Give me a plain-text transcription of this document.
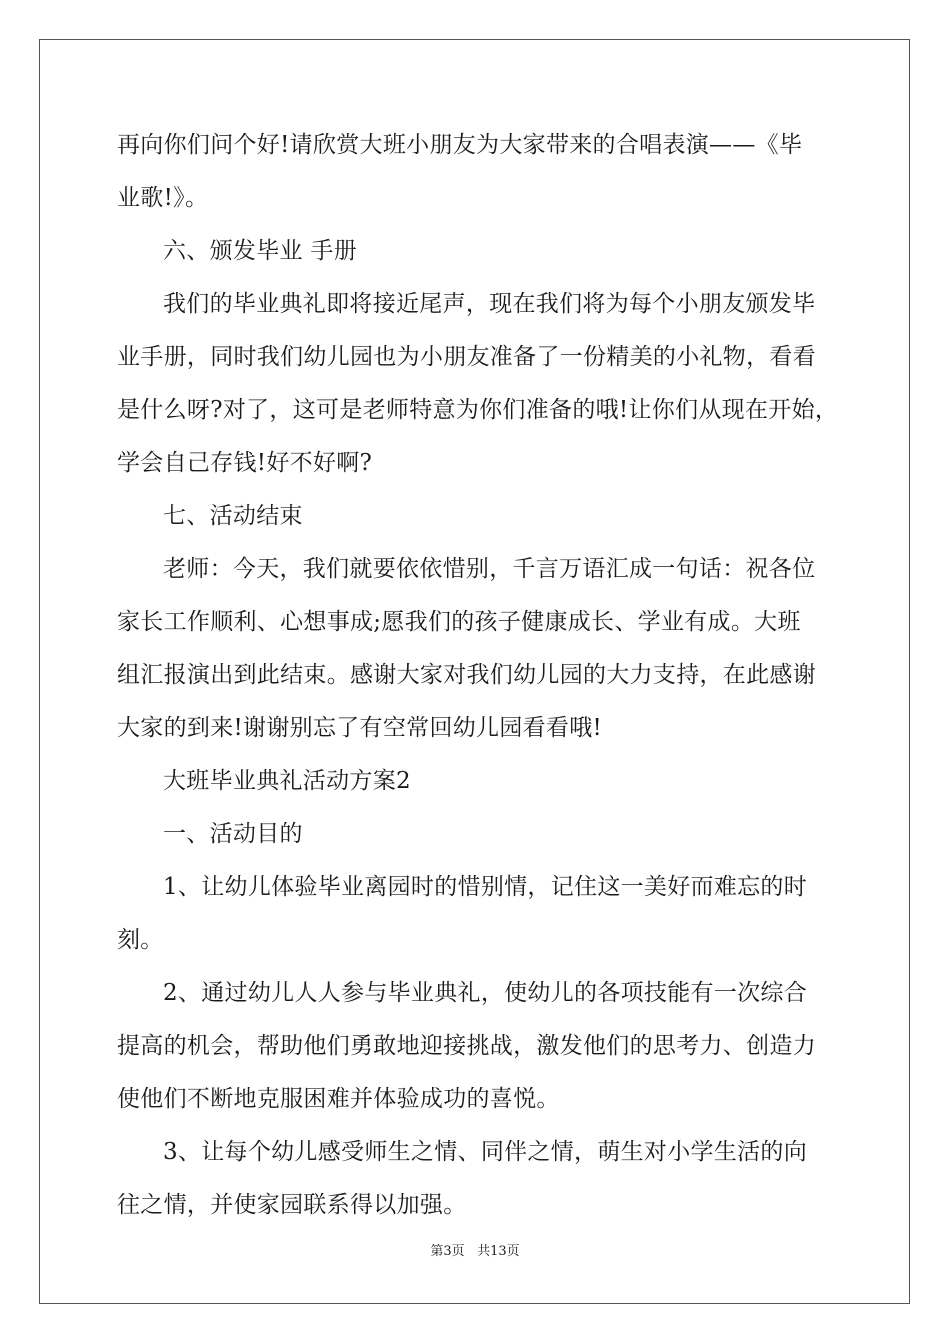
再向你们问个好!请欣赏大班小朋友为大家带来的合唱表演——《毕
业歌!》。
六、颁发毕业 手册
我们的毕业典礼即将接近尾声，现在我们将为每个小朋友颁发毕
业手册，同时我们幼儿园也为小朋友准备了一份精美的小礼物，看看
是什么呀?对了，这可是老师特意为你们准备的哦!让你们从现在开始，
学会自己存钱!好不好啊?
七、活动结束
老师：今天，我们就要依依惜别，千言万语汇成一句话：祝各位
家长工作顺利、心想事成;愿我们的孩子健康成长、学业有成。大班
组汇报演出到此结束。感谢大家对我们幼儿园的大力支持，在此感谢
大家的到来!谢谢别忘了有空常回幼儿园看看哦!
大班毕业典礼活动方案2
一、活动目的
1、让幼儿体验毕业离园时的惜别情，记住这一美好而难忘的时
刻。
2、通过幼儿人人参与毕业典礼，使幼儿的各项技能有一次综合
提高的机会，帮助他们勇敢地迎接挑战，激发他们的思考力、创造力
使他们不断地克服困难并体验成功的喜悦。
3、让每个幼儿感受师生之情、同伴之情，萌生对小学生活的向
往之情，并使家园联系得以加强。
第3页 共13页
